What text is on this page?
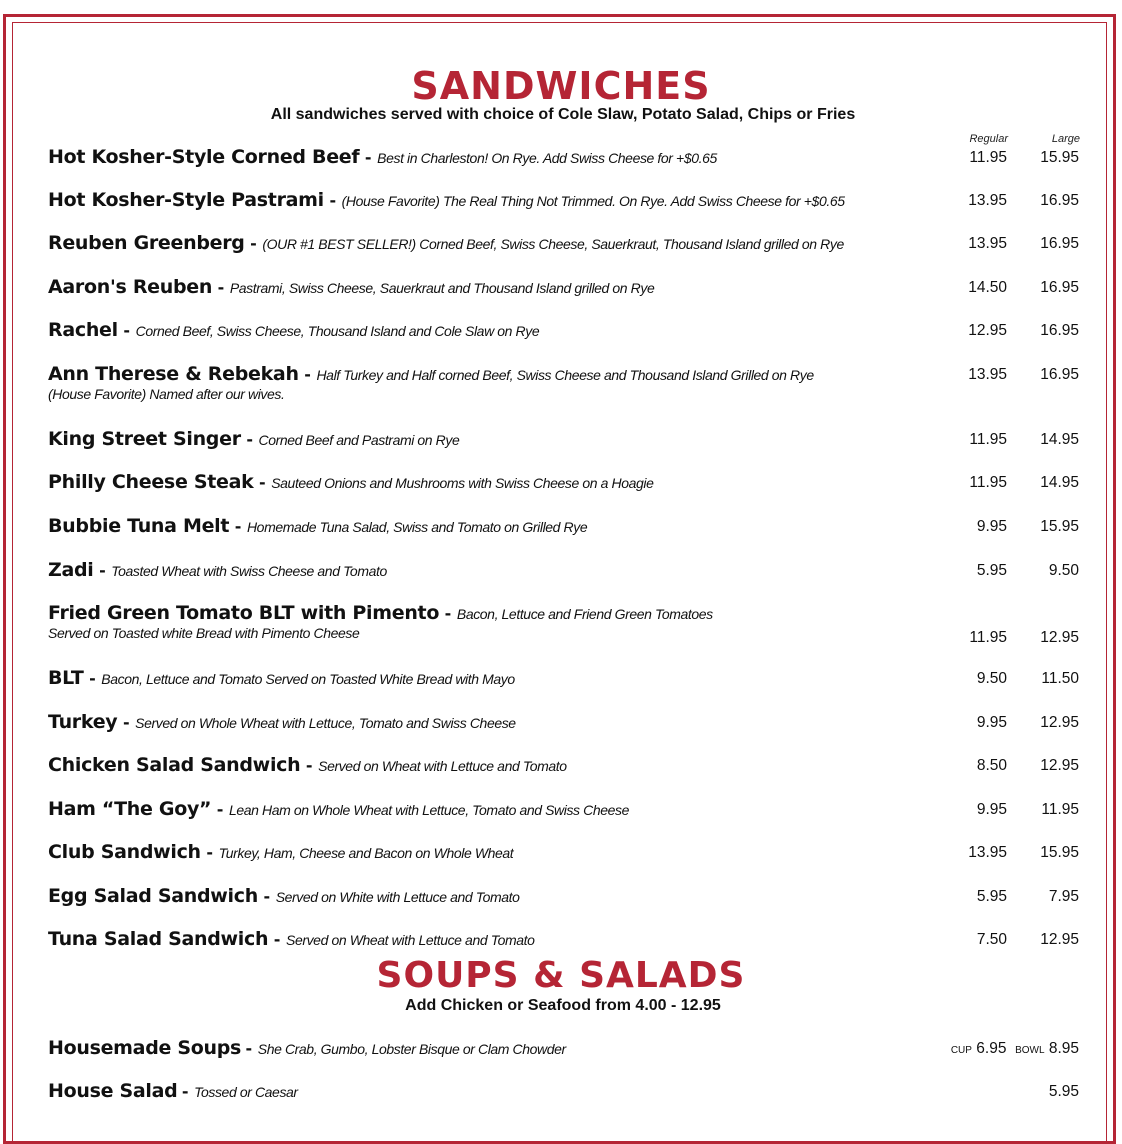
SANDWICHES
All sandwiches served with choice of Cole Slaw, Potato Salad, Chips or Fries
Regular	Large
Hot Kosher-Style Corned Beef - Best in Charleston! On Rye. Add Swiss Cheese for +$0.65	11.95	15.95
Hot Kosher-Style Pastrami - (House Favorite) The Real Thing Not Trimmed. On Rye. Add Swiss Cheese for +$0.65	13.95	16.95
Reuben Greenberg - (OUR #1 BEST SELLER!) Corned Beef, Swiss Cheese, Sauerkraut, Thousand Island grilled on Rye	13.95	16.95
Aaron's Reuben - Pastrami, Swiss Cheese, Sauerkraut and Thousand Island grilled on Rye	14.50	16.95
Rachel - Corned Beef, Swiss Cheese, Thousand Island and Cole Slaw on Rye	12.95	16.95
Ann Therese & Rebekah - Half Turkey and Half corned Beef, Swiss Cheese and Thousand Island Grilled on Rye
(House Favorite) Named after our wives.
13.95	16.95
King Street Singer - Corned Beef and Pastrami on Rye	11.95	14.95
Philly Cheese Steak - Sauteed Onions and Mushrooms with Swiss Cheese on a Hoagie	11.95	14.95
Bubbie Tuna Melt - Homemade Tuna Salad, Swiss and Tomato on Grilled Rye	9.95	15.95
Zadi - Toasted Wheat with Swiss Cheese and Tomato	5.95	9.50
Fried Green Tomato BLT with Pimento - Bacon, Lettuce and Friend Green Tomatoes
Served on Toasted white Bread with Pimento Cheese	11.95	12.95
BLT - Bacon, Lettuce and Tomato Served on Toasted White Bread with Mayo	9.50	11.50
Turkey - Served on Whole Wheat with Lettuce, Tomato and Swiss Cheese	9.95	12.95
Chicken Salad Sandwich - Served on Wheat with Lettuce and Tomato	8.50	12.95
Ham “The Goy” - Lean Ham on Whole Wheat with Lettuce, Tomato and Swiss Cheese	9.95	11.95
Club Sandwich - Turkey, Ham, Cheese and Bacon on Whole Wheat	13.95	15.95
Egg Salad Sandwich - Served on White with Lettuce and Tomato	5.95	7.95
Tuna Salad Sandwich - Served on Wheat with Lettuce and Tomato	7.50	12.95
SOUPS & SALADS
Add Chicken or Seafood from 4.00 - 12.95
Housemade Soups - She Crab, Gumbo, Lobster Bisque or Clam Chowder	CUP 6.95 BOWL 8.95
House Salad - Tossed or Caesar	5.95
